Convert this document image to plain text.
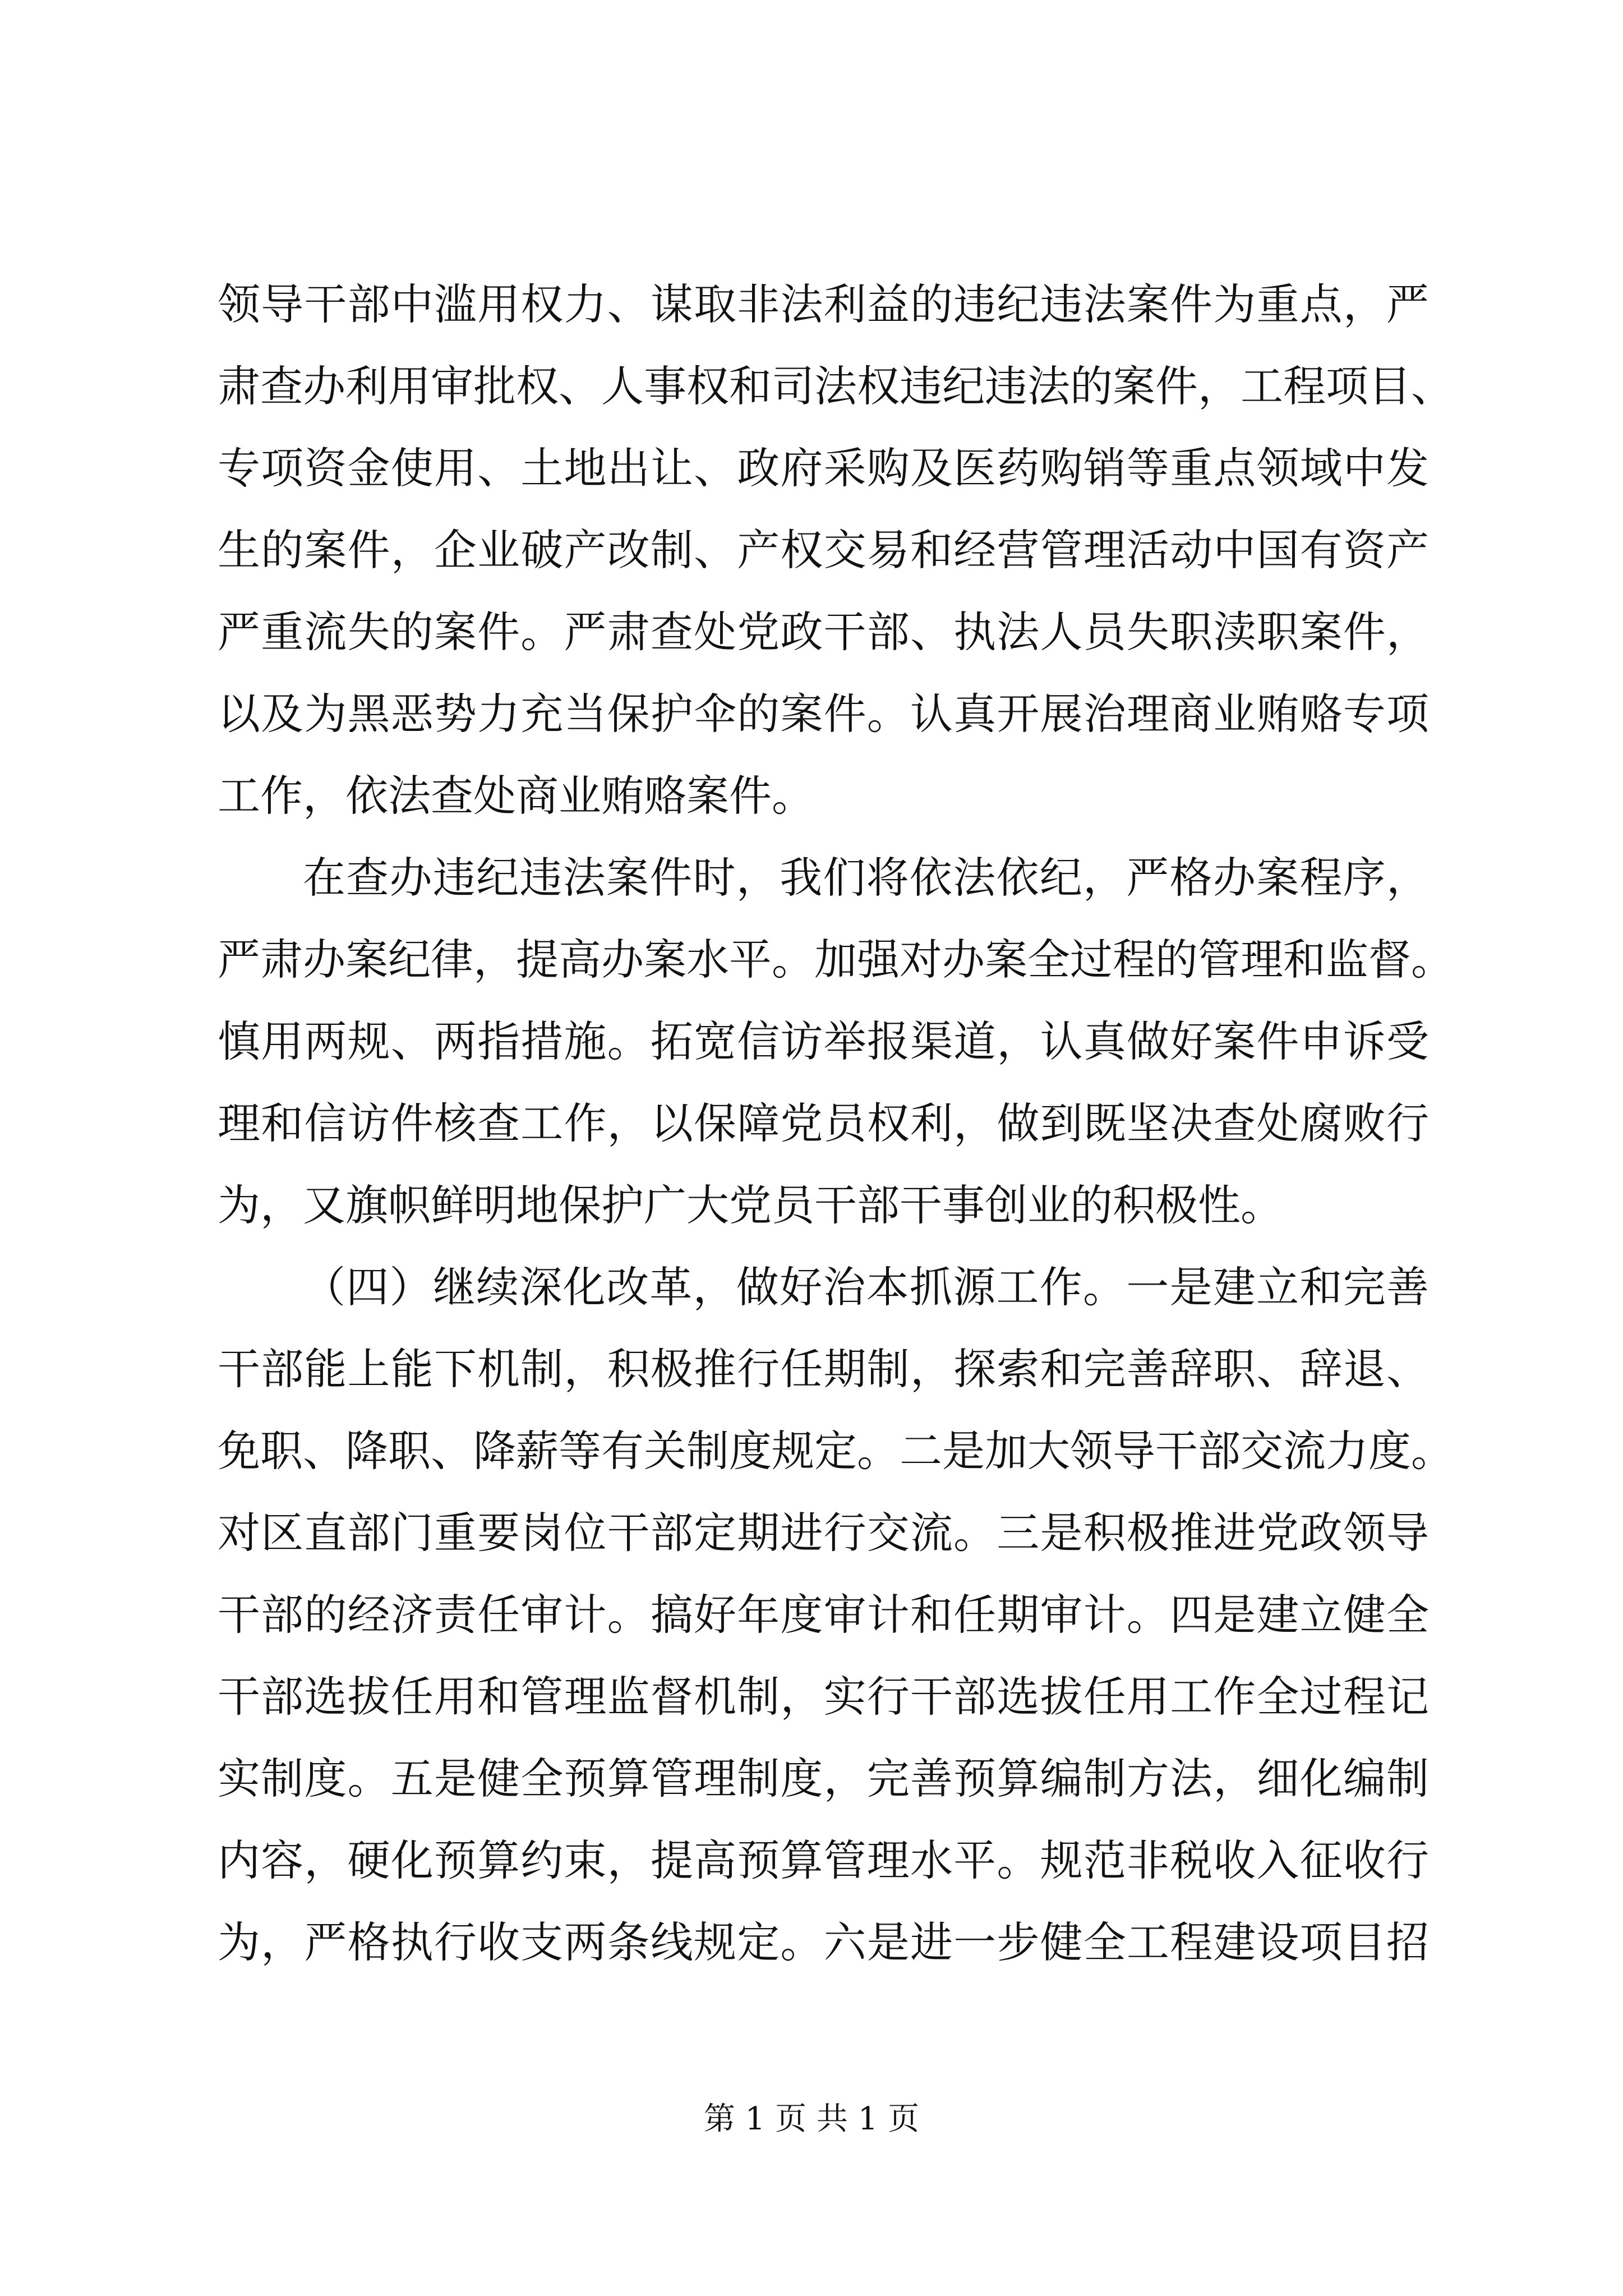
领导干部中滥用权力、谋取非法利益的违纪违法案件为重点，严
肃查办利用审批权、人事权和司法权违纪违法的案件，工程项目、
专项资金使用、土地出让、政府采购及医药购销等重点领域中发
生的案件，企业破产改制、产权交易和经营管理活动中国有资产
严重流失的案件。严肃查处党政干部、执法人员失职渎职案件，
以及为黑恶势力充当保护伞的案件。认真开展治理商业贿赂专项
工作，依法查处商业贿赂案件。
在查办违纪违法案件时，我们将依法依纪，严格办案程序，
严肃办案纪律，提高办案水平。加强对办案全过程的管理和监督。
慎用两规、两指措施。拓宽信访举报渠道，认真做好案件申诉受
理和信访件核查工作，以保障党员权利，做到既坚决查处腐败行
为，又旗帜鲜明地保护广大党员干部干事创业的积极性。
（四）继续深化改革，做好治本抓源工作。一是建立和完善
干部能上能下机制，积极推行任期制，探索和完善辞职、辞退、
免职、降职、降薪等有关制度规定。二是加大领导干部交流力度。
对区直部门重要岗位干部定期进行交流。三是积极推进党政领导
干部的经济责任审计。搞好年度审计和任期审计。四是建立健全
干部选拔任用和管理监督机制，实行干部选拔任用工作全过程记
实制度。五是健全预算管理制度，完善预算编制方法，细化编制
内容，硬化预算约束，提高预算管理水平。规范非税收入征收行
为，严格执行收支两条线规定。六是进一步健全工程建设项目招
第 1 页 共 1 页
